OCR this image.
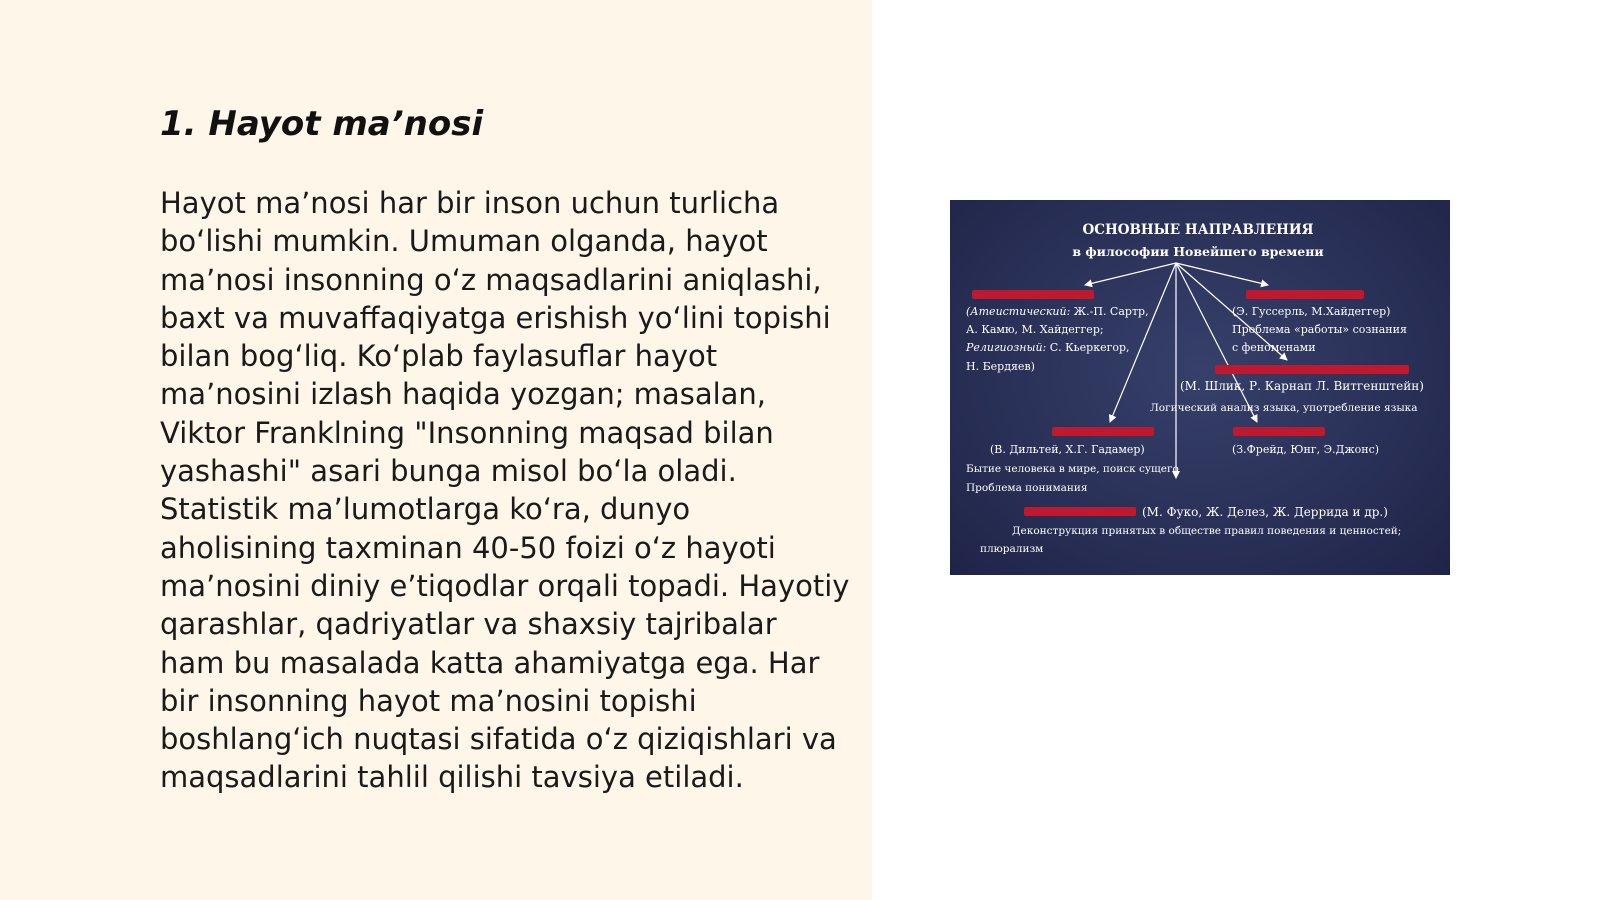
1. Hayot ma’nosi

Hayot ma’nosi har bir inson uchun turlicha bo‘lishi mumkin. Umuman olganda, hayot ma’nosi insonning o‘z maqsadlarini aniqlashi, baxt va muvaffaqiyatga erishish yo‘lini topishi bilan bog‘liq. Ko‘plab faylasuflar hayot ma’nosini izlash haqida yozgan; masalan, Viktor Franklning "Insonning maqsad bilan yashashi" asari bunga misol bo‘la oladi. Statistik ma’lumotlarga ko‘ra, dunyo aholisining taxminan 40-50 foizi o‘z hayoti ma’nosini diniy e’tiqodlar orqali topadi. Hayotiy qarashlar, qadriyatlar va shaxsiy tajribalar ham bu masalada katta ahamiyatga ega. Har bir insonning hayot ma’nosini topishi boshlang‘ich nuqtasi sifatida o‘z qiziqishlari va maqsadlarini tahlil qilishi tavsiya etiladi.

ОСНОВНЫЕ НАПРАВЛЕНИЯ
в философии Новейшего времени
(Атеистический: Ж.-П. Сартр,
А. Камю, М. Хайдеггер;
Религиозный: С. Кьеркегор,
Н. Бердяев)
(Э. Гуссерль, М.Хайдеггер)
Проблема «работы» сознания
с феноменами
(М. Шлик, Р. Карнап Л. Витгенштейн)
Логический анализ языка, употребление языка
(В. Дильтей, Х.Г. Гадамер)
Бытие человека в мире, поиск сущего
Проблема понимания
(З.Фрейд, Юнг, Э.Джонс)
(М. Фуко, Ж. Делез, Ж. Деррида и др.)
Деконструкция принятых в обществе правил поведения и ценностей;
плюрализм
